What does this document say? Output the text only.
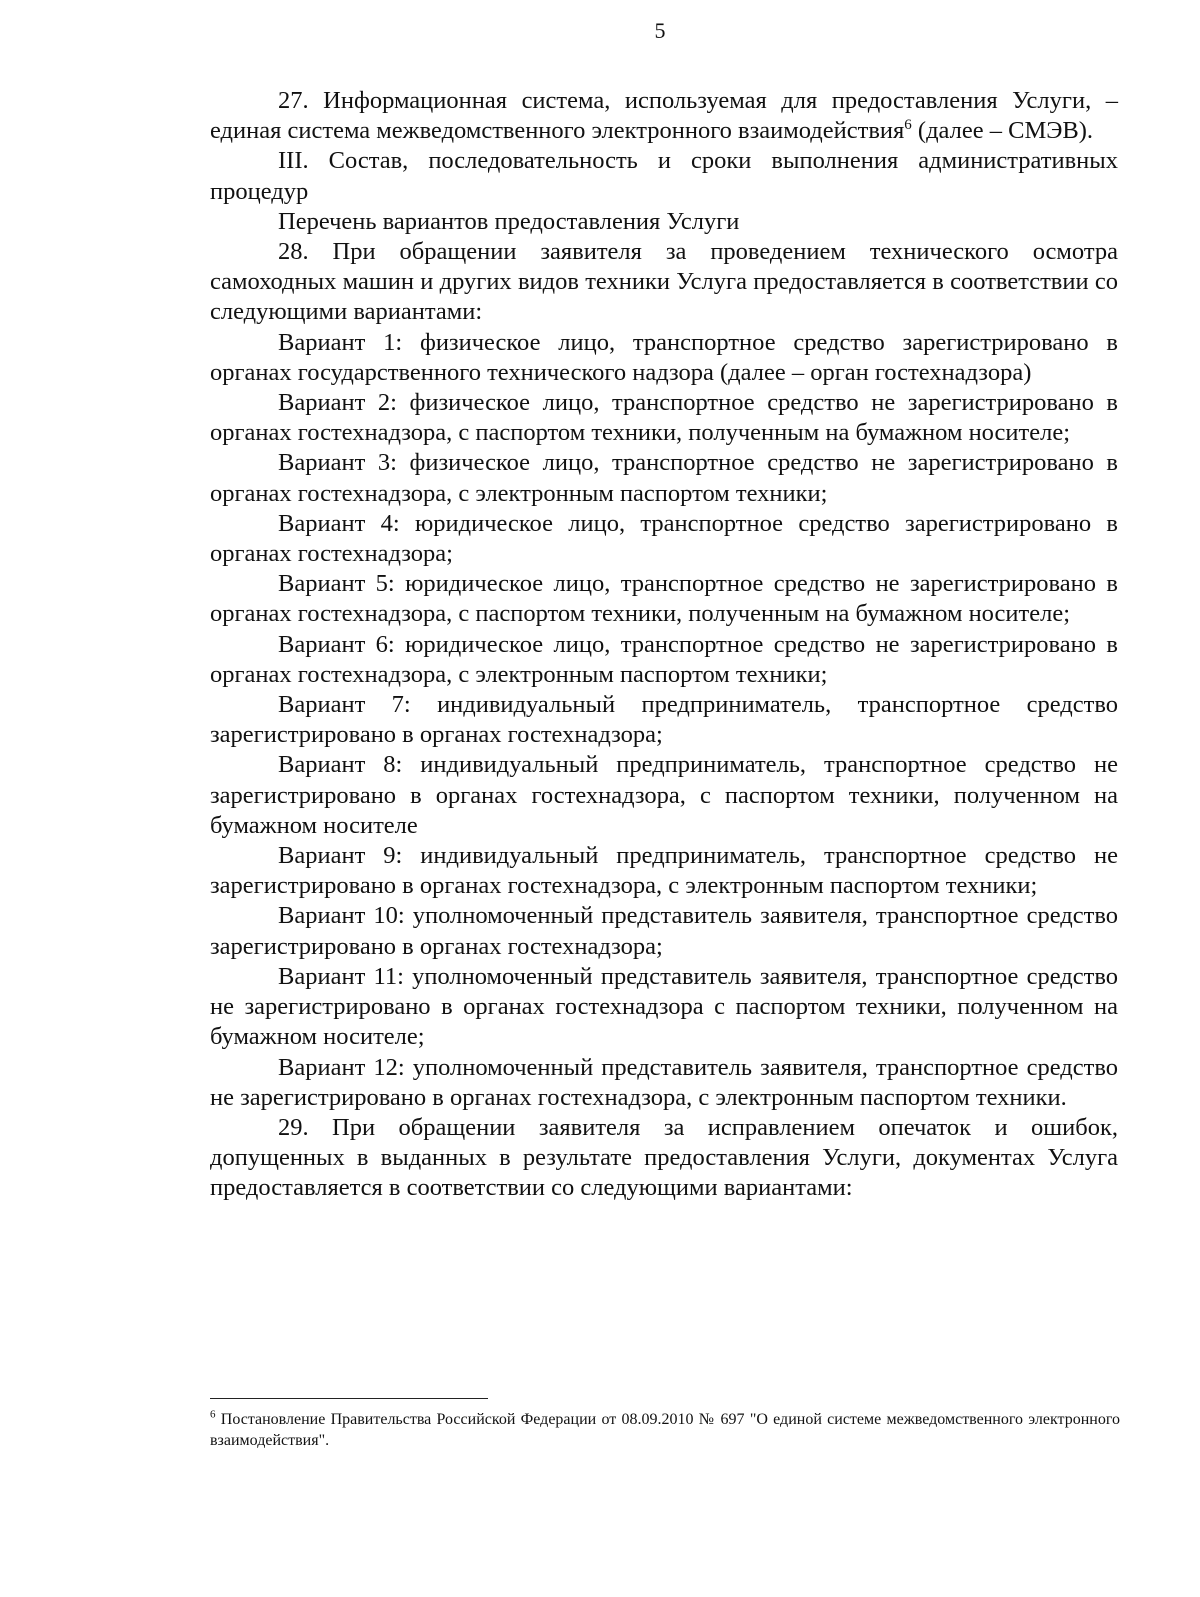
5

27. Информационная система, используемая для предоставления Услуги, – единая система межведомственного электронного взаимодействия$^6$ (далее – СМЭВ).

III. Состав, последовательность и сроки выполнения административных процедур

Перечень вариантов предоставления Услуги

28. При обращении заявителя за проведением технического осмотра самоходных машин и других видов техники Услуга предоставляется в соответствии со следующими вариантами:

Вариант 1: физическое лицо, транспортное средство зарегистрировано в органах государственного технического надзора (далее – орган гостехнадзора)

Вариант 2: физическое лицо, транспортное средство не зарегистрировано в органах гостехнадзора, с паспортом техники, полученным на бумажном носителе;

Вариант 3: физическое лицо, транспортное средство не зарегистрировано в органах гостехнадзора, с электронным паспортом техники;

Вариант 4: юридическое лицо, транспортное средство зарегистрировано в органах гостехнадзора;

Вариант 5: юридическое лицо, транспортное средство не зарегистрировано в органах гостехнадзора, с паспортом техники, полученным на бумажном носителе;

Вариант 6: юридическое лицо, транспортное средство не зарегистрировано в органах гостехнадзора, с электронным паспортом техники;

Вариант 7: индивидуальный предприниматель, транспортное средство зарегистрировано в органах гостехнадзора;

Вариант 8: индивидуальный предприниматель, транспортное средство не зарегистрировано в органах гостехнадзора, с паспортом техники, полученном на бумажном носителе

Вариант 9: индивидуальный предприниматель, транспортное средство не зарегистрировано в органах гостехнадзора, с электронным паспортом техники;

Вариант 10: уполномоченный представитель заявителя, транспортное средство зарегистрировано в органах гостехнадзора;

Вариант 11: уполномоченный представитель заявителя, транспортное средство не зарегистрировано в органах гостехнадзора с паспортом техники, полученном на бумажном носителе;

Вариант 12: уполномоченный представитель заявителя, транспортное средство не зарегистрировано в органах гостехнадзора, с электронным паспортом техники.

29. При обращении заявителя за исправлением опечаток и ошибок, допущенных в выданных в результате предоставления Услуги, документах Услуга предоставляется в соответствии со следующими вариантами:

$^6$ Постановление Правительства Российской Федерации от 08.09.2010 № 697 "О единой системе межведомственного электронного взаимодействия".
